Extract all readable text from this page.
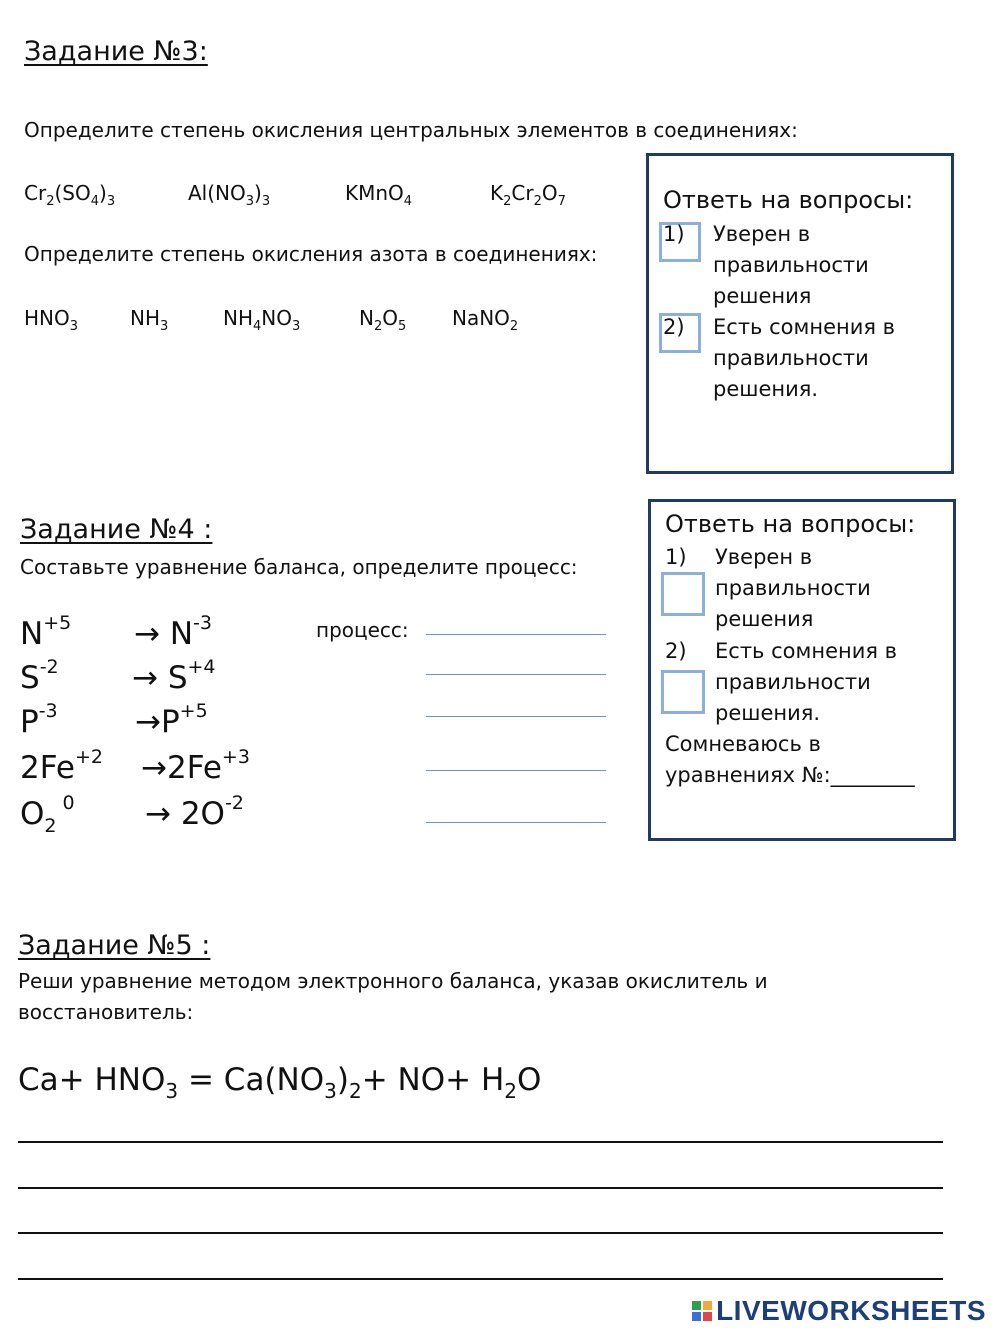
Задание №3:
Определите степень окисления центральных элементов в соединениях:
$Cr_2(SO_4)_3$	$Al(NO_3)_3$	KMnO$_4$	$K_2Cr_2O_7$
Определите степень окисления азота в соединениях:
$HNO_3$	$NH_3$	$NH_4NO_3$	$N_2O_5$ NaNO$_2$
Ответь на вопросы:
1) Уверен в
правильности
решения
2) Есть сомнения в
правильности
решения.
Задание №4 :
Составьте уравнение баланса, определите процесс:
процесс:
$N^{+5} \to N^{-3}$
$S^{-2} \to S^{+4}$
$P^{-3} \to P^{+5}$
$2Fe^{+2} \to 2Fe^{+3}$
$O_2$ $^0 \to 2O^{-2}$
Ответь на вопросы:
1) Уверен в
правильности
решения
2) Есть сомнения в
правильности
решения.
Сомневаюсь в
уравнениях №:________
Задание №5 :
Реши уравнение методом электронного баланса, указав окислитель и
восстановитель:
$Ca+ HNO_3 = Ca(NO_3)_2+ NO+ H_2O$
LIVEWORKSHEETS
